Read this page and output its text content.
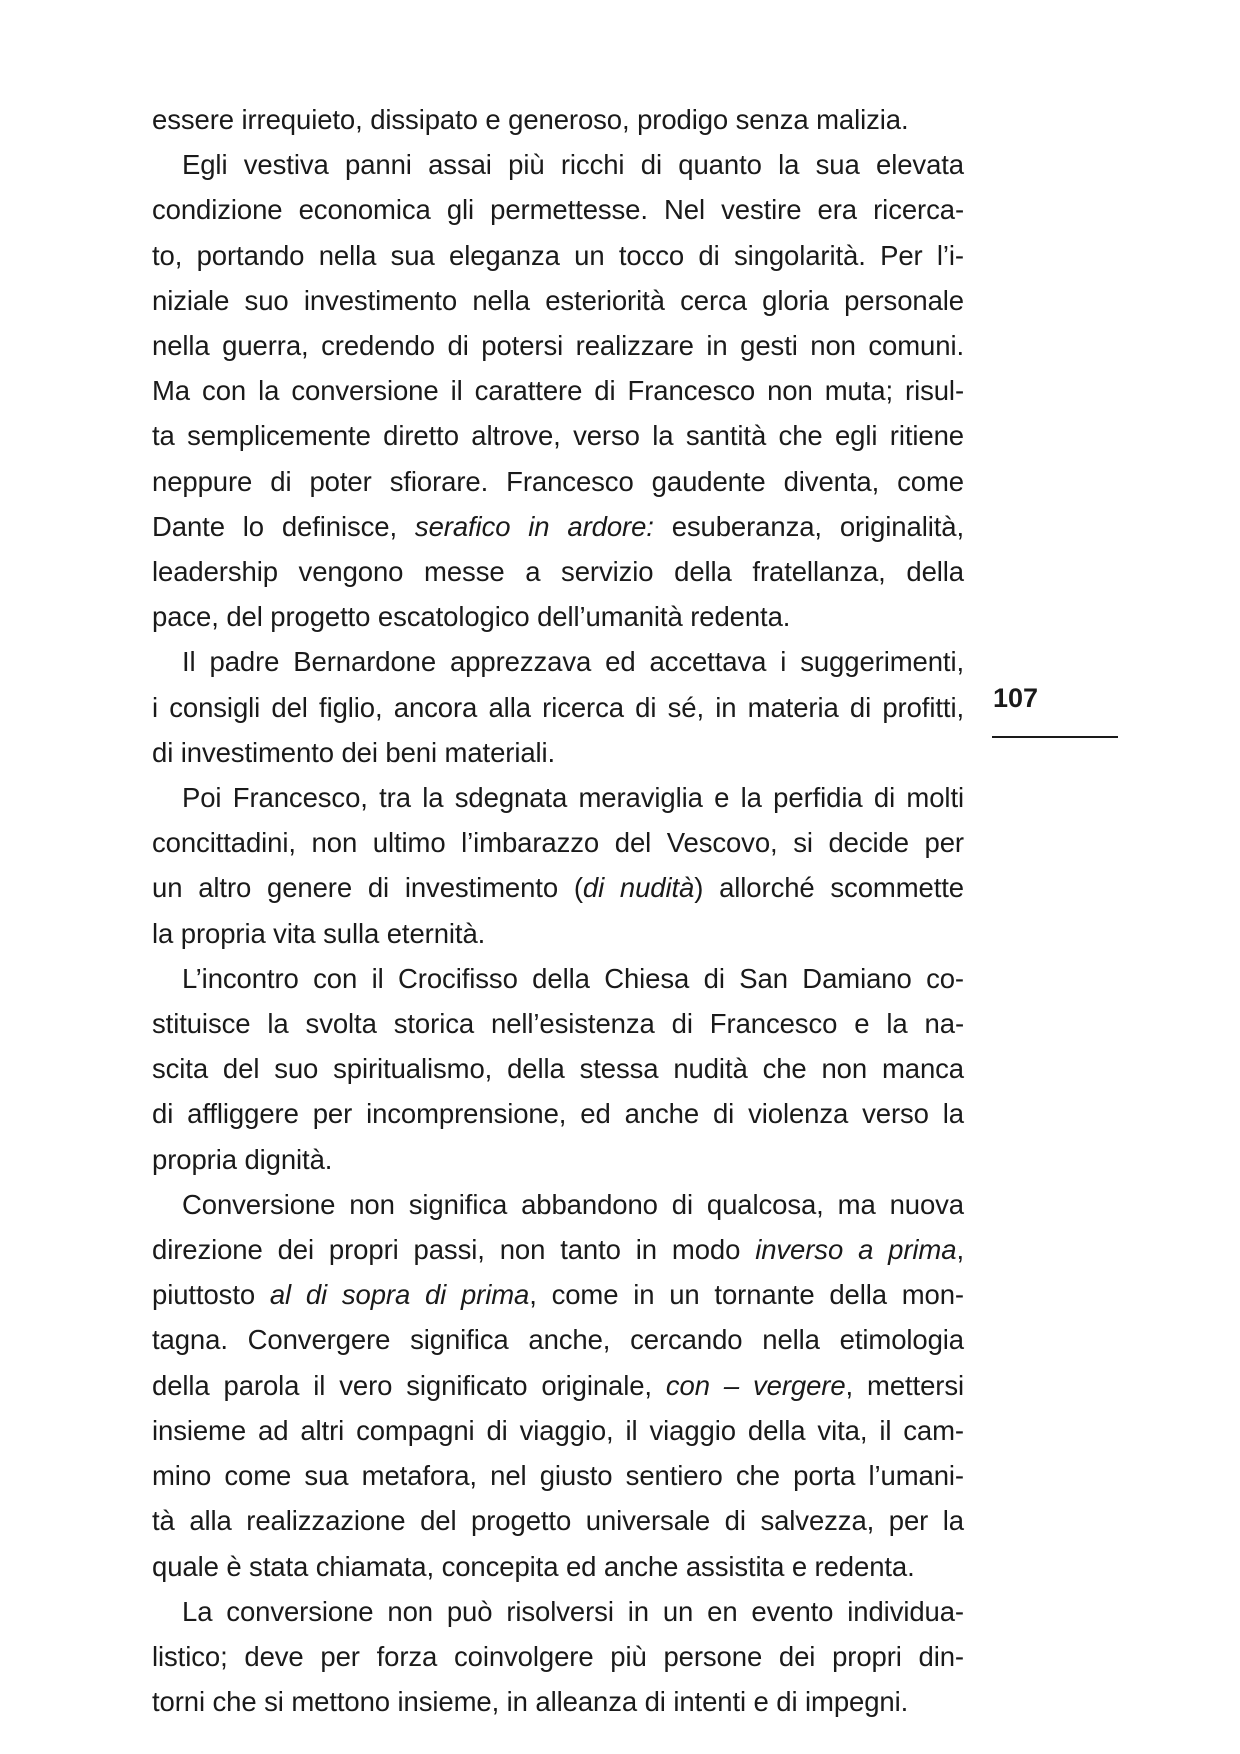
essere irrequieto, dissipato e generoso, prodigo senza malizia.

Egli vestiva panni assai più ricchi di quanto la sua elevata
condizione economica gli permettesse. Nel vestire era ricerca-
to, portando nella sua eleganza un tocco di singolarità. Per l’i-
niziale suo investimento nella esteriorità cerca gloria personale
nella guerra, credendo di potersi realizzare in gesti non comuni.
Ma con la conversione il carattere di Francesco non muta; risul-
ta semplicemente diretto altrove, verso la santità che egli ritiene
neppure di poter sfiorare. Francesco gaudente diventa, come
Dante lo definisce, serafico in ardore: esuberanza, originalità,
leadership vengono messe a servizio della fratellanza, della
pace, del progetto escatologico dell’umanità redenta.

Il padre Bernardone apprezzava ed accettava i suggerimenti,
i consigli del figlio, ancora alla ricerca di sé, in materia di profitti,
di investimento dei beni materiali.

Poi Francesco, tra la sdegnata meraviglia e la perfidia di molti
concittadini, non ultimo l’imbarazzo del Vescovo, si decide per
un altro genere di investimento (di nudità) allorché scommette
la propria vita sulla eternità.

L’incontro con il Crocifisso della Chiesa di San Damiano co-
stituisce la svolta storica nell’esistenza di Francesco e la na-
scita del suo spiritualismo, della stessa nudità che non manca
di affliggere per incomprensione, ed anche di violenza verso la
propria dignità.

Conversione non significa abbandono di qualcosa, ma nuova
direzione dei propri passi, non tanto in modo inverso a prima,
piuttosto al di sopra di prima, come in un tornante della mon-
tagna. Convergere significa anche, cercando nella etimologia
della parola il vero significato originale, con – vergere, mettersi
insieme ad altri compagni di viaggio, il viaggio della vita, il cam-
mino come sua metafora, nel giusto sentiero che porta l’umani-
tà alla realizzazione del progetto universale di salvezza, per la
quale è stata chiamata, concepita ed anche assistita e redenta.

La conversione non può risolversi in un en evento individua-
listico; deve per forza coinvolgere più persone dei propri din-
torni che si mettono insieme, in alleanza di intenti e di impegni.

107
